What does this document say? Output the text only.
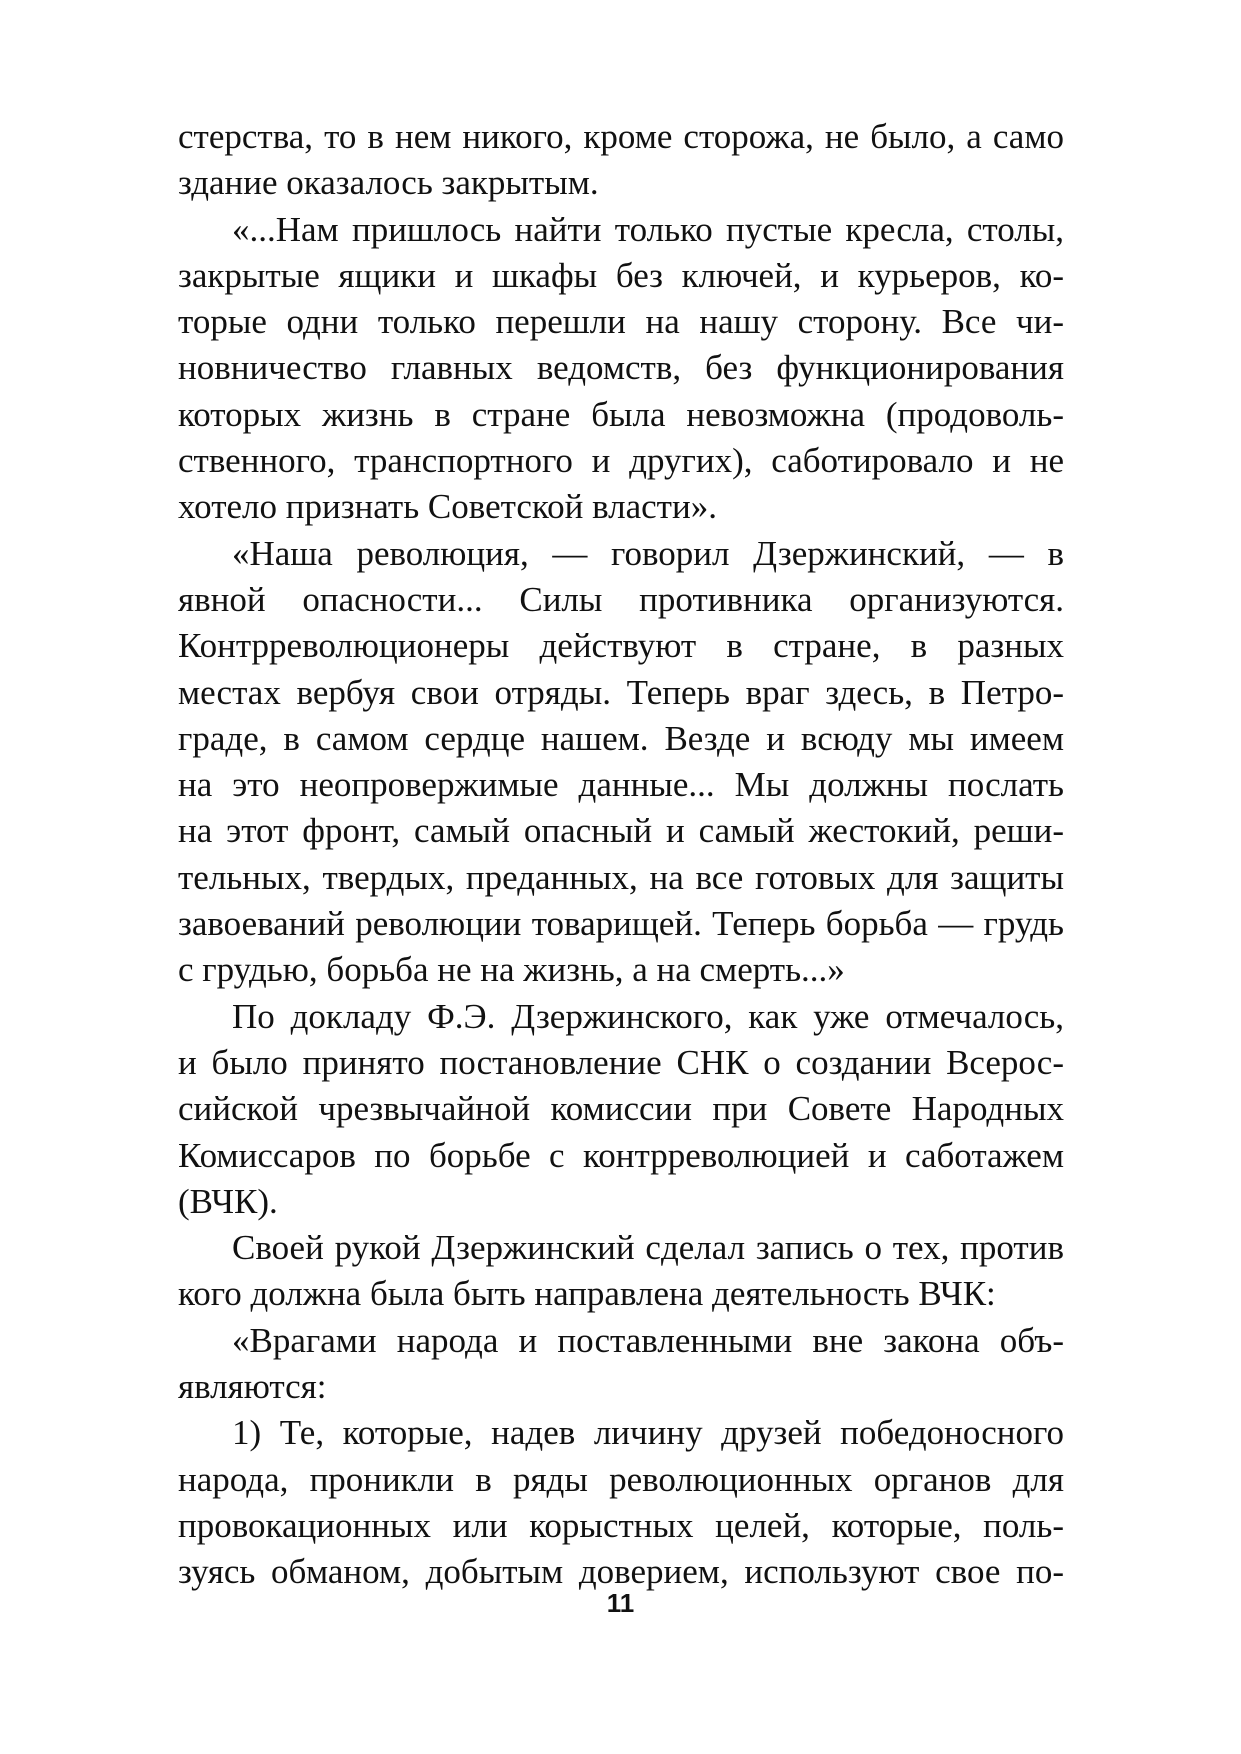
стерства, то в нем никого, кроме сторожа, не было, а само
здание оказалось закрытым.
«...Нам пришлось найти только пустые кресла, столы,
закрытые ящики и шкафы без ключей, и курьеров, ко-
торые одни только перешли на нашу сторону. Все чи-
новничество главных ведомств, без функционирования
которых жизнь в стране была невозможна (продоволь-
ственного, транспортного и других), саботировало и не
хотело признать Советской власти».
«Наша революция, — говорил Дзержинский, — в
явной опасности... Силы противника организуются.
Контрреволюционеры действуют в стране, в разных
местах вербуя свои отряды. Теперь враг здесь, в Петро-
граде, в самом сердце нашем. Везде и всюду мы имеем
на это неопровержимые данные... Мы должны послать
на этот фронт, самый опасный и самый жестокий, реши-
тельных, твердых, преданных, на все готовых для защиты
завоеваний революции товарищей. Теперь борьба — грудь
с грудью, борьба не на жизнь, а на смерть...»
По докладу Ф.Э. Дзержинского, как уже отмечалось,
и было принято постановление СНК о создании Всерос-
сийской чрезвычайной комиссии при Совете Народных
Комиссаров по борьбе с контрреволюцией и саботажем
(ВЧК).
Своей рукой Дзержинский сделал запись о тех, против
кого должна была быть направлена деятельность ВЧК:
«Врагами народа и поставленными вне закона объ-
являются:
1) Те, которые, надев личину друзей победоносного
народа, проникли в ряды революционных органов для
провокационных или корыстных целей, которые, поль-
зуясь обманом, добытым доверием, используют свое по-
11
